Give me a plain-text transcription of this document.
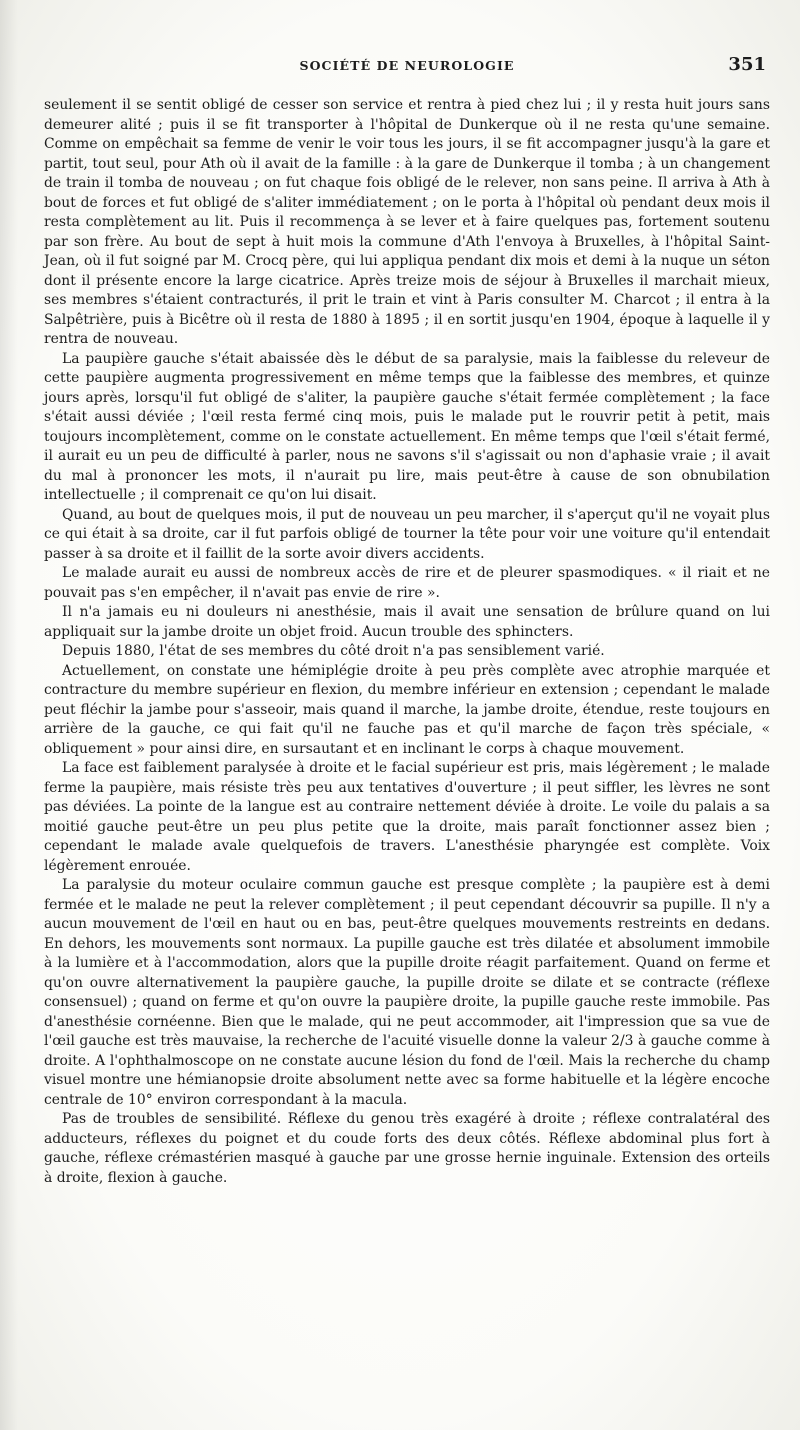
SOCIÉTÉ DE NEUROLOGIE	351

seulement il se sentit obligé de cesser son service et rentra à pied chez lui ; il y resta huit jours sans demeurer alité ; puis il se fit transporter à l'hôpital de Dunkerque où il ne resta qu'une semaine. Comme on empêchait sa femme de venir le voir tous les jours, il se fit accompagner jusqu'à la gare et partit, tout seul, pour Ath où il avait de la famille : à la gare de Dunkerque il tomba ; à un changement de train il tomba de nouveau ; on fut chaque fois obligé de le relever, non sans peine. Il arriva à Ath à bout de forces et fut obligé de s'aliter immédiatement ; on le porta à l'hôpital où pendant deux mois il resta complètement au lit. Puis il recommença à se lever et à faire quelques pas, fortement soutenu par son frère. Au bout de sept à huit mois la commune d'Ath l'envoya à Bruxelles, à l'hôpital Saint-Jean, où il fut soigné par M. Crocq père, qui lui appliqua pendant dix mois et demi à la nuque un séton dont il présente encore la large cicatrice. Après treize mois de séjour à Bruxelles il marchait mieux, ses membres s'étaient contracturés, il prit le train et vint à Paris consulter M. Charcot ; il entra à la Salpêtrière, puis à Bicêtre où il resta de 1880 à 1895 ; il en sortit jusqu'en 1904, époque à laquelle il y rentra de nouveau.

La paupière gauche s'était abaissée dès le début de sa paralysie, mais la faiblesse du releveur de cette paupière augmenta progressivement en même temps que la faiblesse des membres, et quinze jours après, lorsqu'il fut obligé de s'aliter, la paupière gauche s'était fermée complètement ; la face s'était aussi déviée ; l'œil resta fermé cinq mois, puis le malade put le rouvrir petit à petit, mais toujours incomplètement, comme on le constate actuellement. En même temps que l'œil s'était fermé, il aurait eu un peu de difficulté à parler, nous ne savons s'il s'agissait ou non d'aphasie vraie ; il avait du mal à prononcer les mots, il n'aurait pu lire, mais peut-être à cause de son obnubilation intellectuelle ; il comprenait ce qu'on lui disait.

Quand, au bout de quelques mois, il put de nouveau un peu marcher, il s'aperçut qu'il ne voyait plus ce qui était à sa droite, car il fut parfois obligé de tourner la tête pour voir une voiture qu'il entendait passer à sa droite et il faillit de la sorte avoir divers accidents.

Le malade aurait eu aussi de nombreux accès de rire et de pleurer spasmodiques. « il riait et ne pouvait pas s'en empêcher, il n'avait pas envie de rire ».

Il n'a jamais eu ni douleurs ni anesthésie, mais il avait une sensation de brûlure quand on lui appliquait sur la jambe droite un objet froid. Aucun trouble des sphincters.

Depuis 1880, l'état de ses membres du côté droit n'a pas sensiblement varié.

Actuellement, on constate une hémiplégie droite à peu près complète avec atrophie marquée et contracture du membre supérieur en flexion, du membre inférieur en extension ; cependant le malade peut fléchir la jambe pour s'asseoir, mais quand il marche, la jambe droite, étendue, reste toujours en arrière de la gauche, ce qui fait qu'il ne fauche pas et qu'il marche de façon très spéciale, « obliquement » pour ainsi dire, en sursautant et en inclinant le corps à chaque mouvement.

La face est faiblement paralysée à droite et le facial supérieur est pris, mais légèrement ; le malade ferme la paupière, mais résiste très peu aux tentatives d'ouverture ; il peut siffler, les lèvres ne sont pas déviées. La pointe de la langue est au contraire nettement déviée à droite. Le voile du palais a sa moitié gauche peut-être un peu plus petite que la droite, mais paraît fonctionner assez bien ; cependant le malade avale quelquefois de travers. L'anesthésie pharyngée est complète. Voix légèrement enrouée.

La paralysie du moteur oculaire commun gauche est presque complète ; la paupière est à demi fermée et le malade ne peut la relever complètement ; il peut cependant découvrir sa pupille. Il n'y a aucun mouvement de l'œil en haut ou en bas, peut-être quelques mouvements restreints en dedans. En dehors, les mouvements sont normaux. La pupille gauche est très dilatée et absolument immobile à la lumière et à l'accommodation, alors que la pupille droite réagit parfaitement. Quand on ferme et qu'on ouvre alternativement la paupière gauche, la pupille droite se dilate et se contracte (réflexe consensuel) ; quand on ferme et qu'on ouvre la paupière droite, la pupille gauche reste immobile. Pas d'anesthésie cornéenne. Bien que le malade, qui ne peut accommoder, ait l'impression que sa vue de l'œil gauche est très mauvaise, la recherche de l'acuité visuelle donne la valeur 2/3 à gauche comme à droite. A l'ophthalmoscope on ne constate aucune lésion du fond de l'œil. Mais la recherche du champ visuel montre une hémianopsie droite absolument nette avec sa forme habituelle et la légère encoche centrale de 10° environ correspondant à la macula.

Pas de troubles de sensibilité. Réflexe du genou très exagéré à droite ; réflexe contralatéral des adducteurs, réflexes du poignet et du coude forts des deux côtés. Réflexe abdominal plus fort à gauche, réflexe crémastérien masqué à gauche par une grosse hernie inguinale. Extension des orteils à droite, flexion à gauche.
